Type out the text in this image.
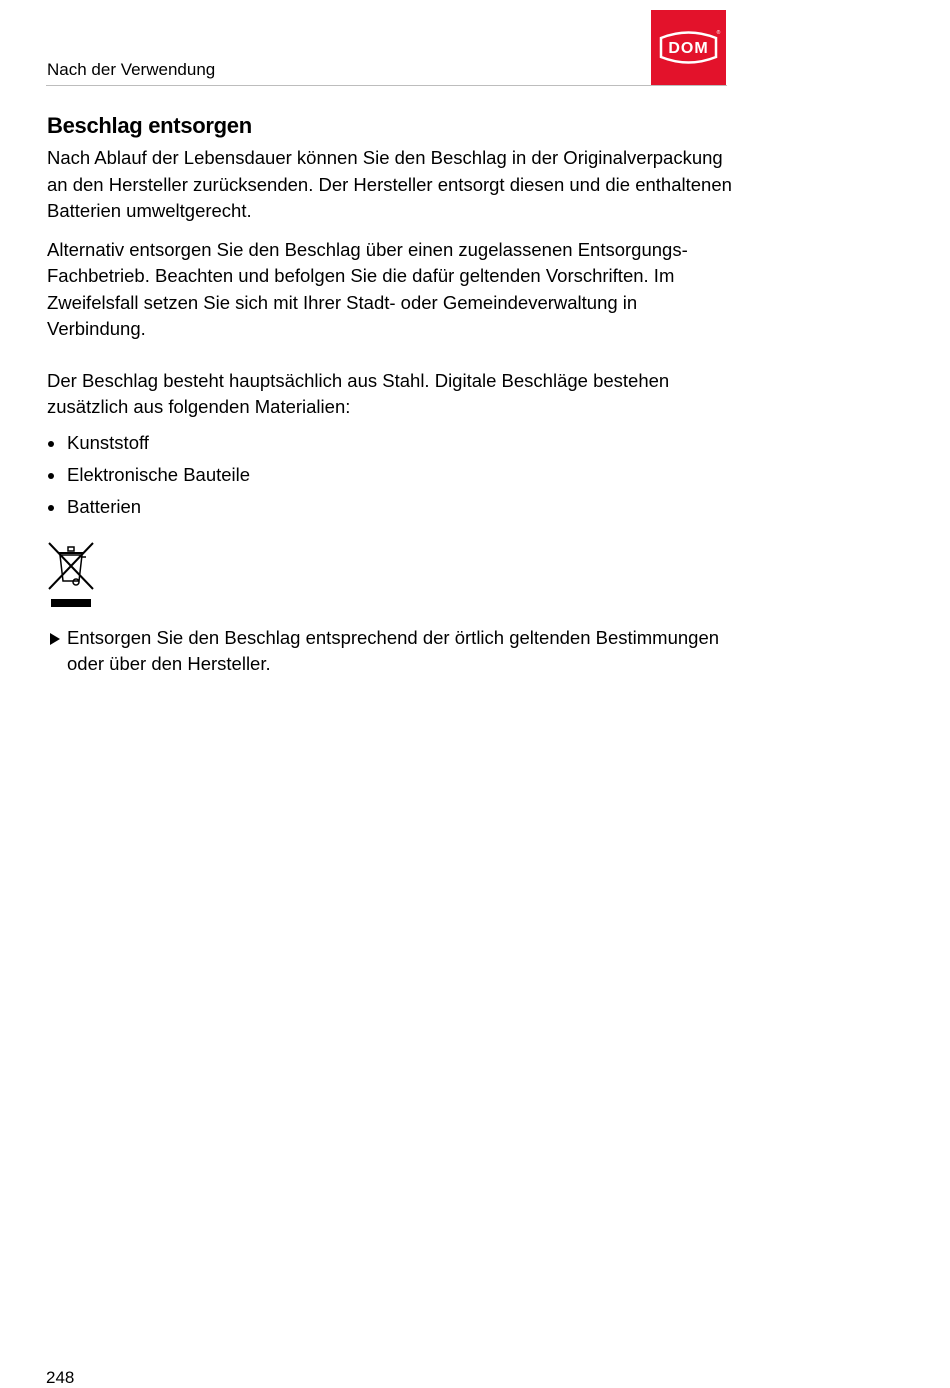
Nach der Verwendung
DOM
®
Beschlag entsorgen

Nach Ablauf der Lebensdauer können Sie den Beschlag in der Originalverpackung an den Hersteller zurücksenden. Der Hersteller entsorgt diesen und die enthaltenen Batterien umweltgerecht.

Alternativ entsorgen Sie den Beschlag über einen zugelassenen Entsorgungs-Fachbetrieb. Beachten und befolgen Sie die dafür geltenden Vorschriften. Im Zweifelsfall setzen Sie sich mit Ihrer Stadt- oder Gemeindeverwaltung in Verbindung.

Der Beschlag besteht hauptsächlich aus Stahl. Digitale Beschläge bestehen zusätzlich aus folgenden Materialien:

Kunststoff
Elektronische Bauteile
Batterien
Entsorgen Sie den Beschlag entsprechend der örtlich geltenden Bestimmungen oder über den Hersteller.
248
